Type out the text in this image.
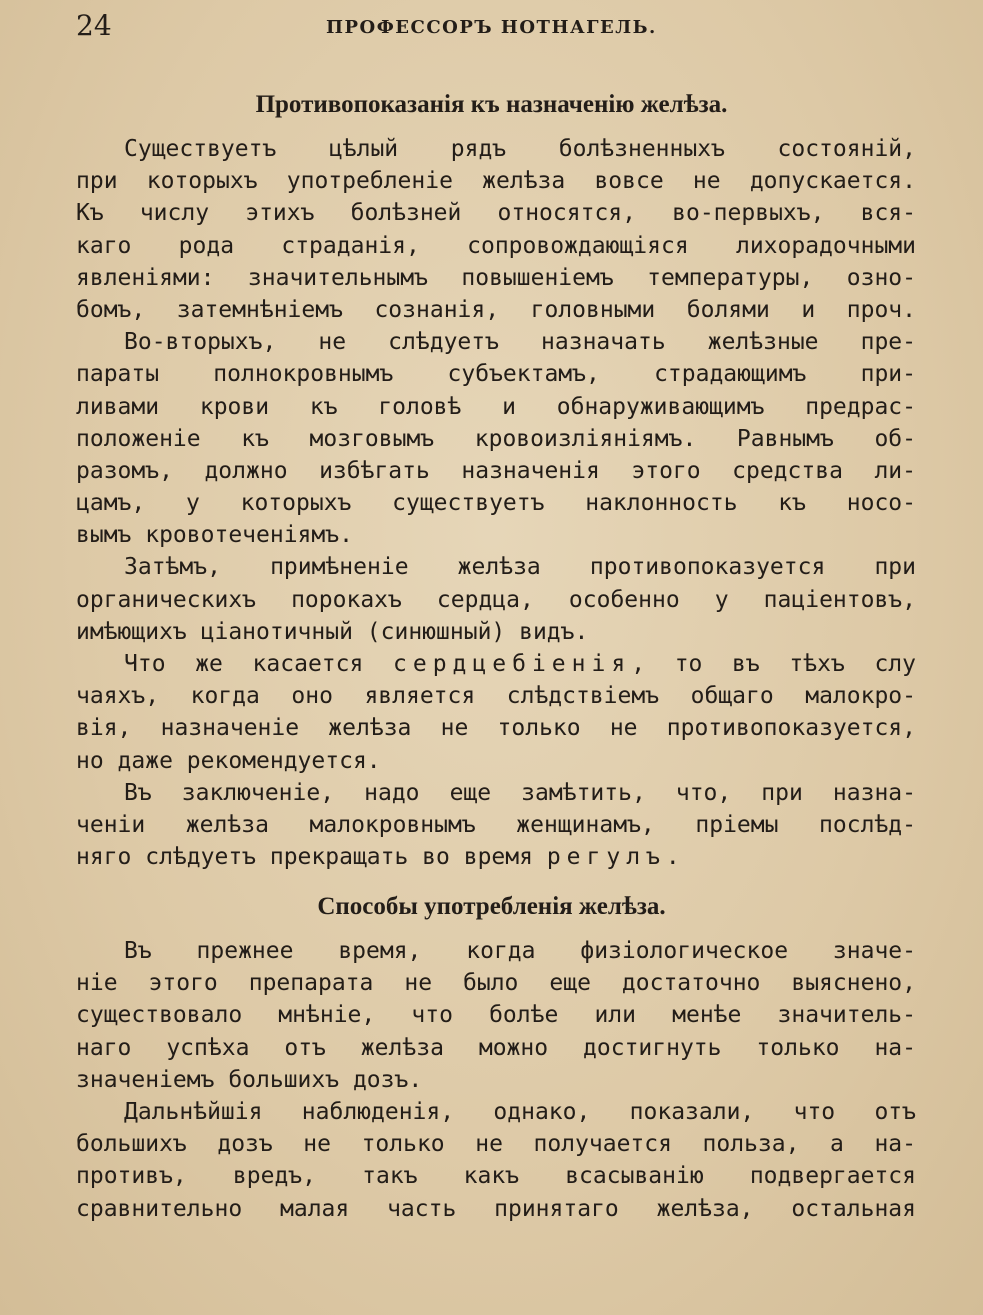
24	ПРОФЕССОРЪ НОТНАГЕЛЬ.
Противопоказанія къ назначенію желѣза.
Существуетъ цѣлый рядъ болѣзненныхъ состояній,
при которыхъ употребленіе желѣза вовсе не допускается.
Къ числу этихъ болѣзней относятся, во-первыхъ, вся-
каго рода страданія, сопровождающіяся лихорадочными
явленіями: значительнымъ повышеніемъ температуры, озно-
бомъ, затемнѣніемъ сознанія, головными болями и проч.
Во-вторыхъ, не слѣдуетъ назначать желѣзные пре-
параты полнокровнымъ субъектамъ, страдающимъ при-
ливами крови къ головѣ и обнаруживающимъ предрас-
положеніе къ мозговымъ кровоизліяніямъ. Равнымъ об-
разомъ, должно избѣгать назначенія этого средства ли-
цамъ, у которыхъ существуетъ наклонность къ носо-
вымъ кровотеченіямъ.
Затѣмъ, примѣненіе желѣза противопоказуется при
органическихъ порокахъ сердца, особенно у паціентовъ,
имѣющихъ ціанотичный (синюшный) видъ.
Что же касается сердцебіенія, то въ тѣхъ слу
чаяхъ, когда оно является слѣдствіемъ общаго малокро-
вія, назначеніе желѣза не только не противопоказуется,
но даже рекомендуется.
Въ заключеніе, надо еще замѣтить, что, при назна-
ченіи желѣза малокровнымъ женщинамъ, пріемы послѣд-
няго слѣдуетъ прекращать во время регулъ.
Способы употребленія желѣза.
Въ прежнее время, когда физіологическое значе-
ніе этого препарата не было еще достаточно выяснено,
существовало мнѣніе, что болѣе или менѣе значитель-
наго успѣха отъ желѣза можно достигнуть только на-
значеніемъ большихъ дозъ.
Дальнѣйшія наблюденія, однако, показали, что отъ
большихъ дозъ не только не получается польза, а на-
противъ, вредъ, такъ какъ всасыванію подвергается
сравнительно малая часть принятаго желѣза, остальная
